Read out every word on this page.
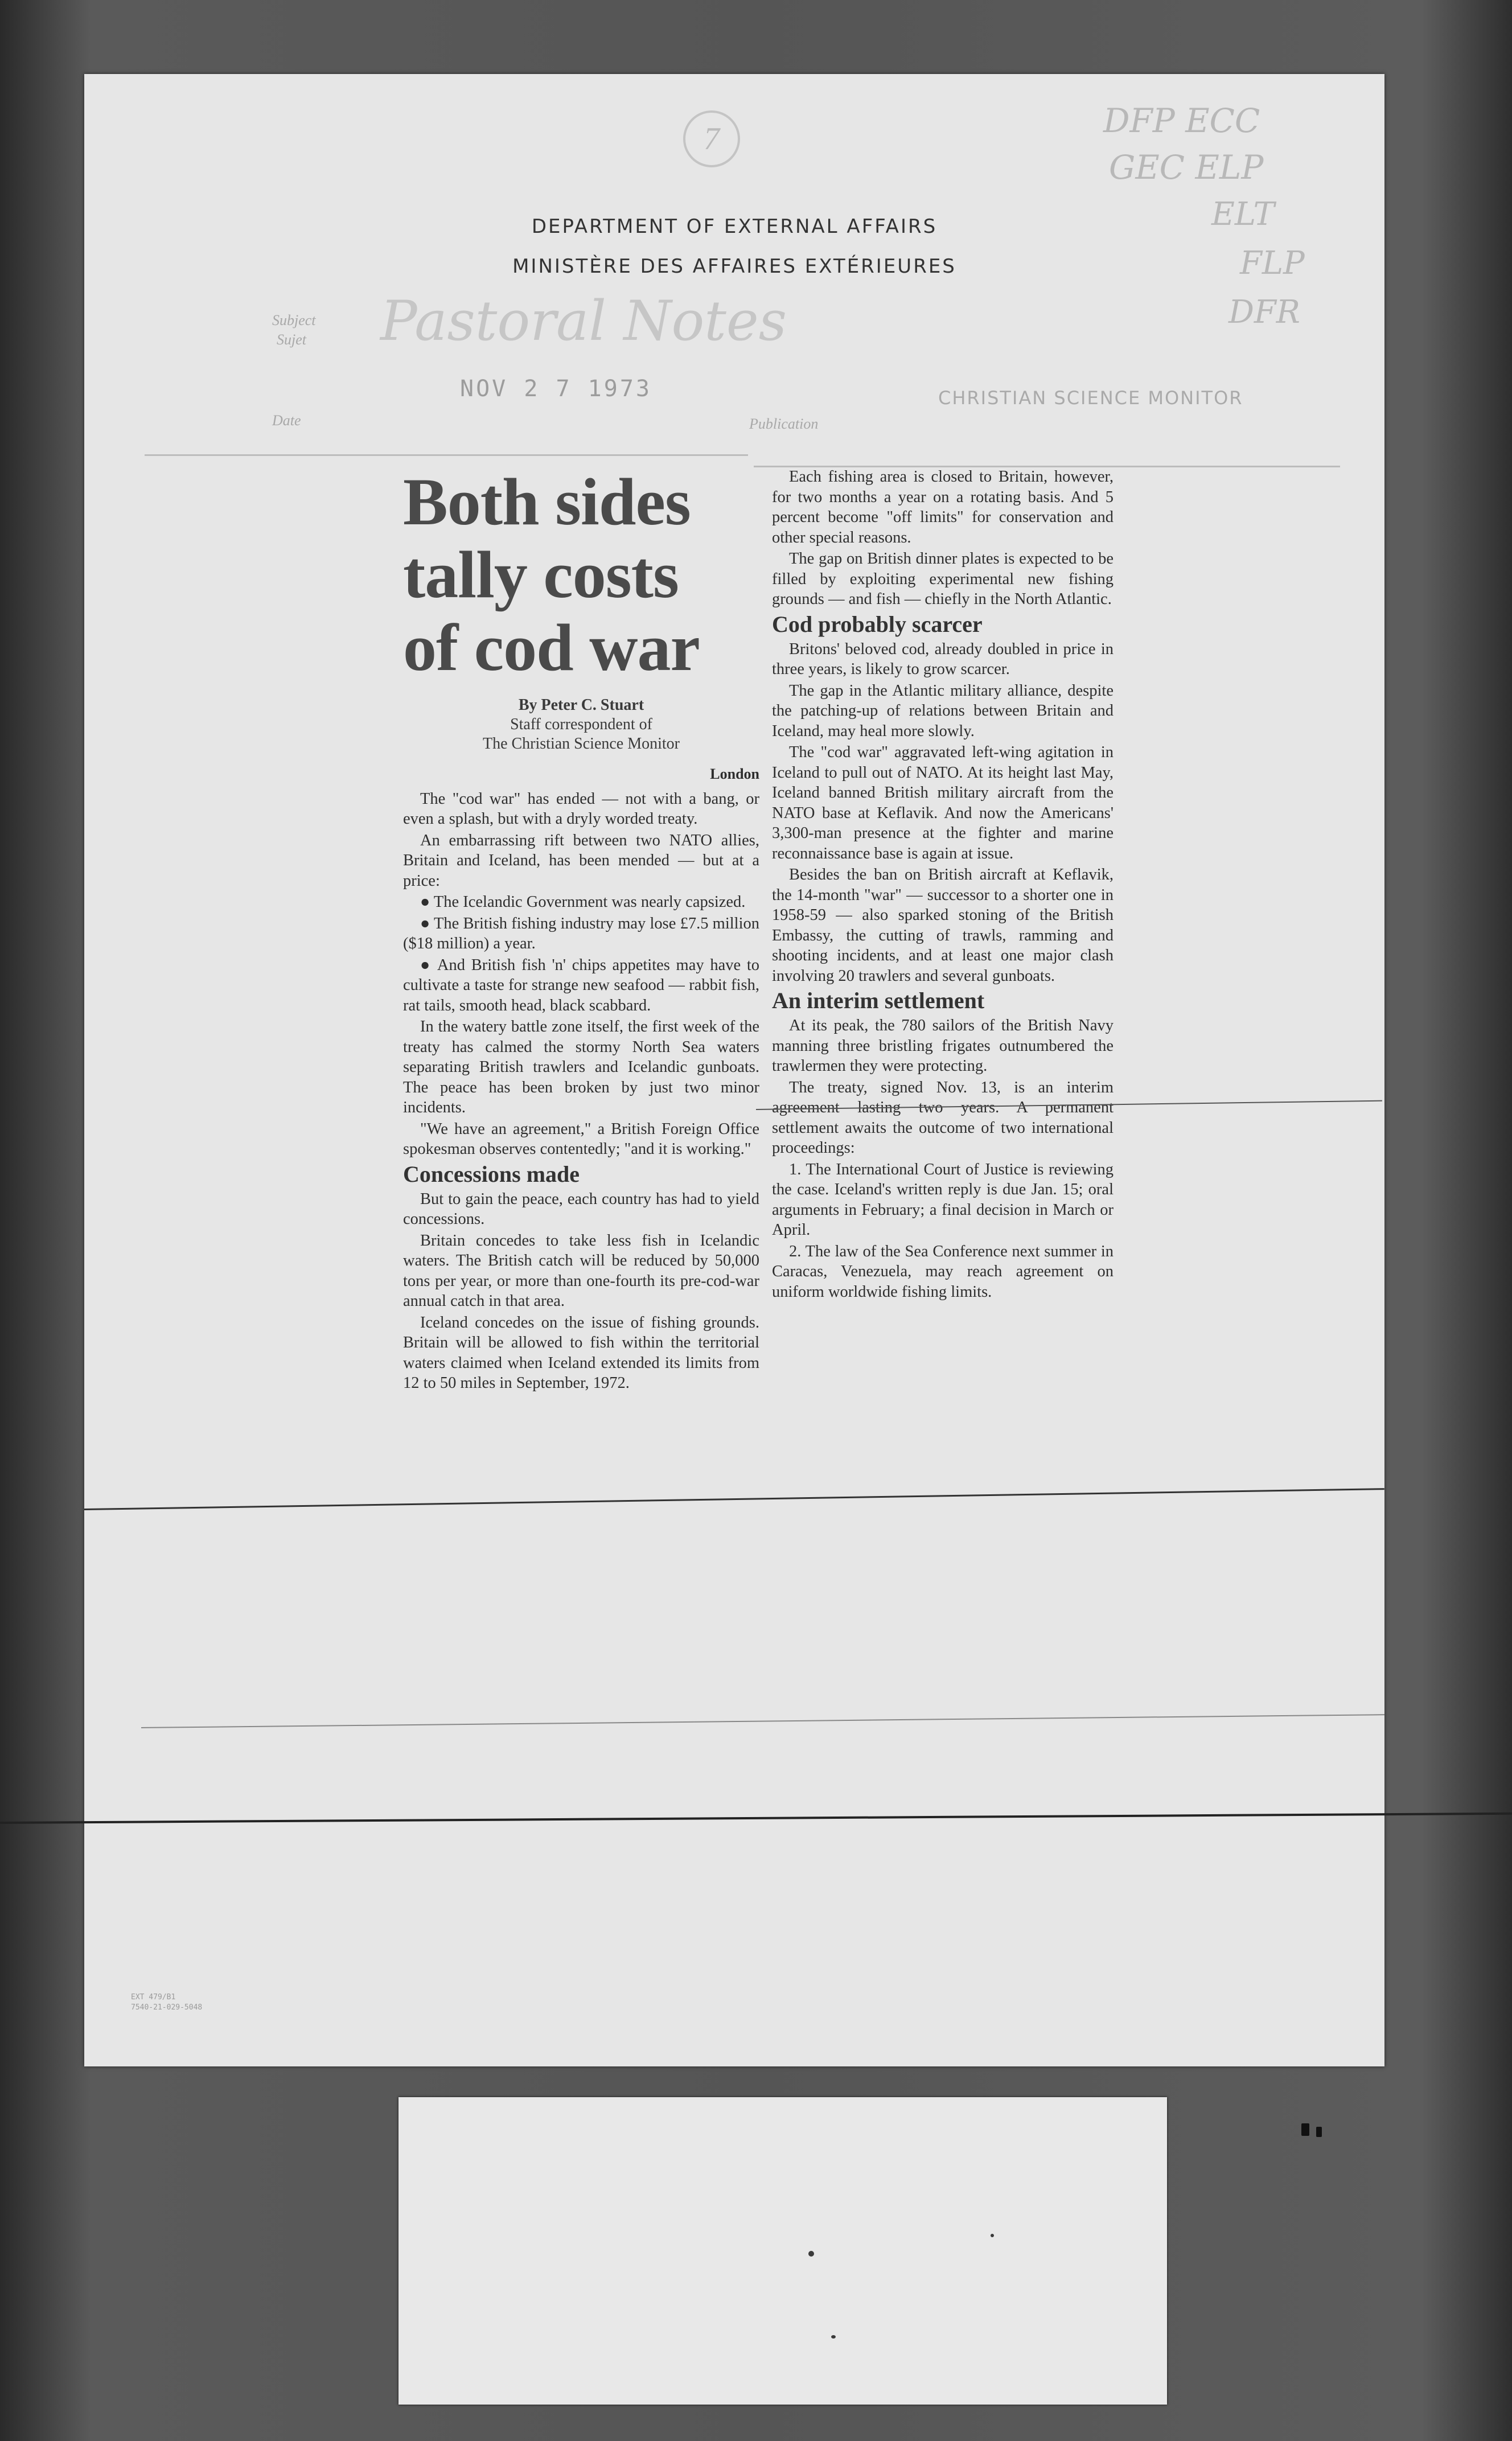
7	DFP ECC
GEC ELP
ELT
FLP
DFR
DEPARTMENT OF EXTERNAL AFFAIRS
MINISTÈRE DES AFFAIRES EXTÉRIEURES
Subject
Sujet Pastoral Notes
NOV 2 7 1973	CHRISTIAN SCIENCE MONITOR
Date	Publication
Both sides
tally costs
of cod war
By Peter C. Stuart
Staff correspondent of
The Christian Science Monitor
London

The "cod war" has ended — not with a bang, or even a splash, but with a dryly worded treaty.

An embarrassing rift between two NATO allies, Britain and Iceland, has been mended — but at a price:

● The Icelandic Government was nearly capsized.

● The British fishing industry may lose £7.5 million ($18 million) a year.

● And British fish 'n' chips appetites may have to cultivate a taste for strange new seafood — rabbit fish, rat tails, smooth head, black scabbard.

In the watery battle zone itself, the first week of the treaty has calmed the stormy North Sea waters separating British trawlers and Icelandic gunboats. The peace has been broken by just two minor incidents.

"We have an agreement," a British Foreign Office spokesman observes contentedly; "and it is working."

Concessions made

But to gain the peace, each country has had to yield concessions.

Britain concedes to take less fish in Icelandic waters. The British catch will be reduced by 50,000 tons per year, or more than one-fourth its pre-cod-war annual catch in that area.

Iceland concedes on the issue of fishing grounds. Britain will be allowed to fish within the territorial waters claimed when Iceland extended its limits from 12 to 50 miles in September, 1972.

Each fishing area is closed to Britain, however, for two months a year on a rotating basis. And 5 percent become "off limits" for conservation and other special reasons.

The gap on British dinner plates is expected to be filled by exploiting experimental new fishing grounds — and fish — chiefly in the North Atlantic.

Cod probably scarcer

Britons' beloved cod, already doubled in price in three years, is likely to grow scarcer.

The gap in the Atlantic military alliance, despite the patching-up of relations between Britain and Iceland, may heal more slowly.

The "cod war" aggravated left-wing agitation in Iceland to pull out of NATO. At its height last May, Iceland banned British military aircraft from the NATO base at Keflavik. And now the Americans' 3,300-man presence at the fighter and marine reconnaissance base is again at issue.

Besides the ban on British aircraft at Keflavik, the 14-month "war" — successor to a shorter one in 1958-59 — also sparked stoning of the British Embassy, the cutting of trawls, ramming and shooting incidents, and at least one major clash involving 20 trawlers and several gunboats.

An interim settlement

At its peak, the 780 sailors of the British Navy manning three bristling frigates outnumbered the trawlermen they were protecting.

The treaty, signed Nov. 13, is an interim agreement lasting two years. A permanent settlement awaits the outcome of two international proceedings:

1. The International Court of Justice is reviewing the case. Iceland's written reply is due Jan. 15; oral arguments in February; a final decision in March or April.

2. The law of the Sea Conference next summer in Caracas, Venezuela, may reach agreement on uniform worldwide fishing limits.

EXT 479/B1
7540-21-029-5048
